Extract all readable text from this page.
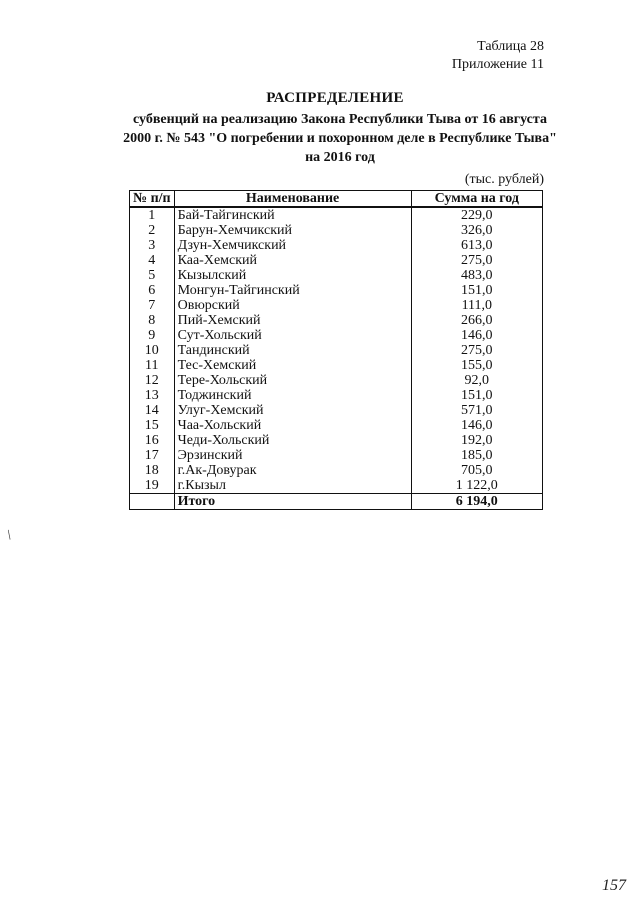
Таблица 28
Приложение 11
РАСПРЕДЕЛЕНИЕ
субвенций на реализацию Закона Республики Тыва от 16 августа
2000 г. № 543 "О погребении и похоронном деле в Республике Тыва"
на 2016 год
(тыс. рублей)
№ п/п	Наименование	Сумма на год
1	Бай-Тайгинский	229,0
2	Барун-Хемчикский	326,0
3	Дзун-Хемчикский	613,0
4	Каа-Хемский	275,0
5	Кызылский	483,0
6	Монгун-Тайгинский	151,0
7	Овюрский	111,0
8	Пий-Хемский	266,0
9	Сут-Хольский	146,0
10	Тандинский	275,0
11	Тес-Хемский	155,0
12	Тере-Хольский	92,0
13	Тоджинский	151,0
14	Улуг-Хемский	571,0
15	Чаа-Хольский	146,0
16	Чеди-Хольский	192,0
17	Эрзинский	185,0
18	г.Ак-Довурак	705,0
19	г.Кызыл	1 122,0
	Итого	6 194,0
/
157
